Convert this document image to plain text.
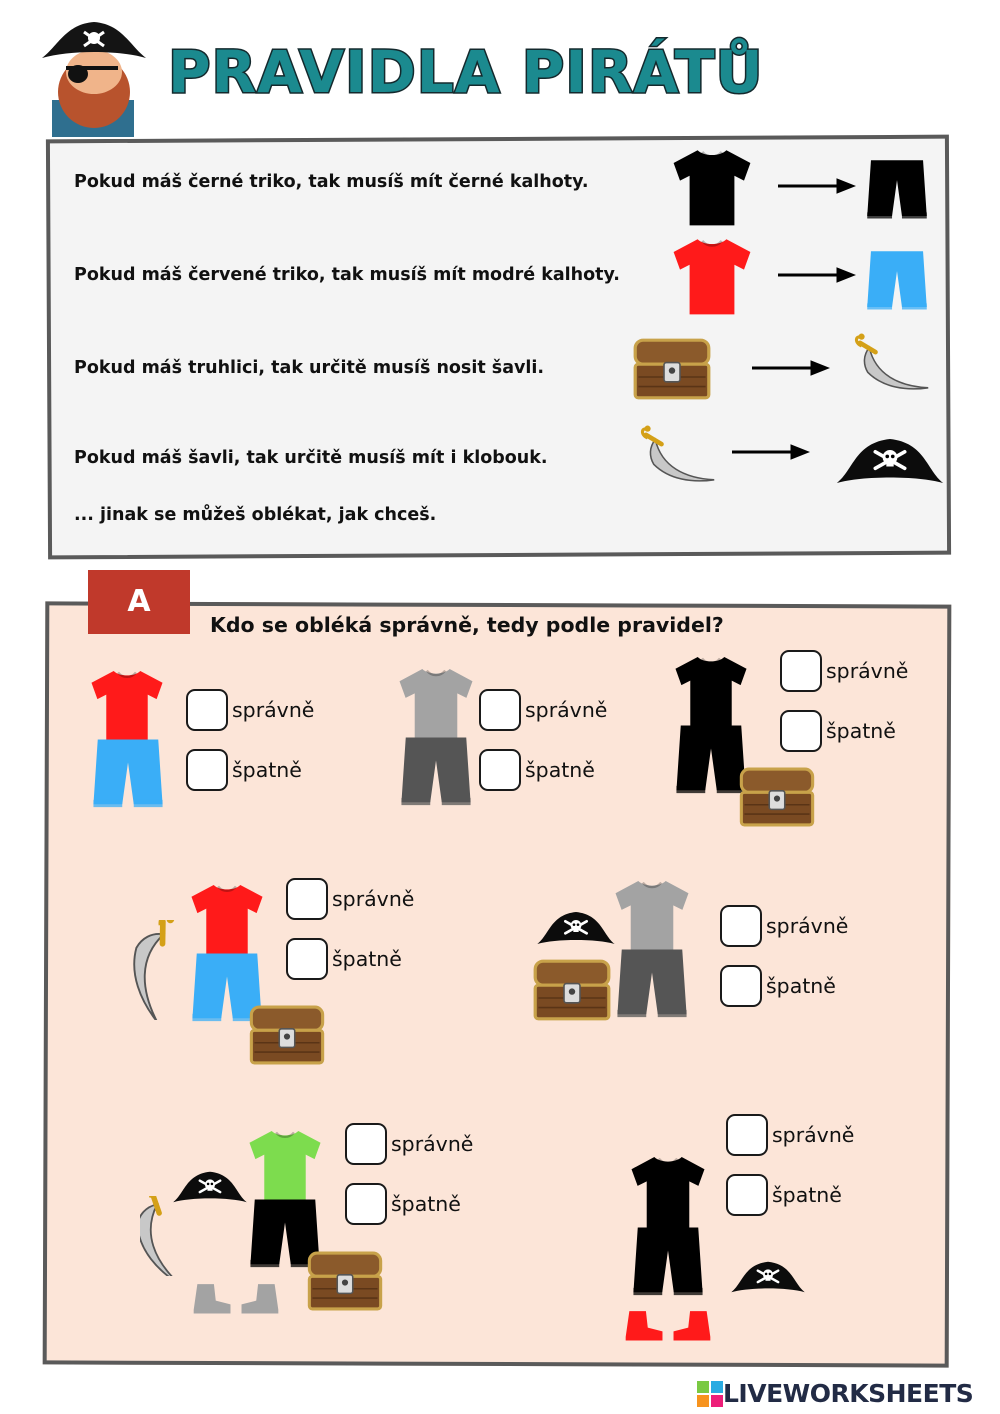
PRAVIDLA PIRÁTŮ
Pokud máš černé triko, tak musíš mít černé kalhoty.
Pokud máš červené triko, tak musíš mít modré kalhoty.
Pokud máš truhlici, tak určitě musíš nosit šavli.
Pokud máš šavli, tak určitě musíš mít i klobouk.
... jinak se můžeš oblékat, jak chceš.
A
Kdo se obléká správně, tedy podle pravidel?
správně
špatně
správně
špatně
správně
špatně
správně
špatně
správně
špatně
správně
špatně
správně
špatně
LIVEWORKSHEETS
